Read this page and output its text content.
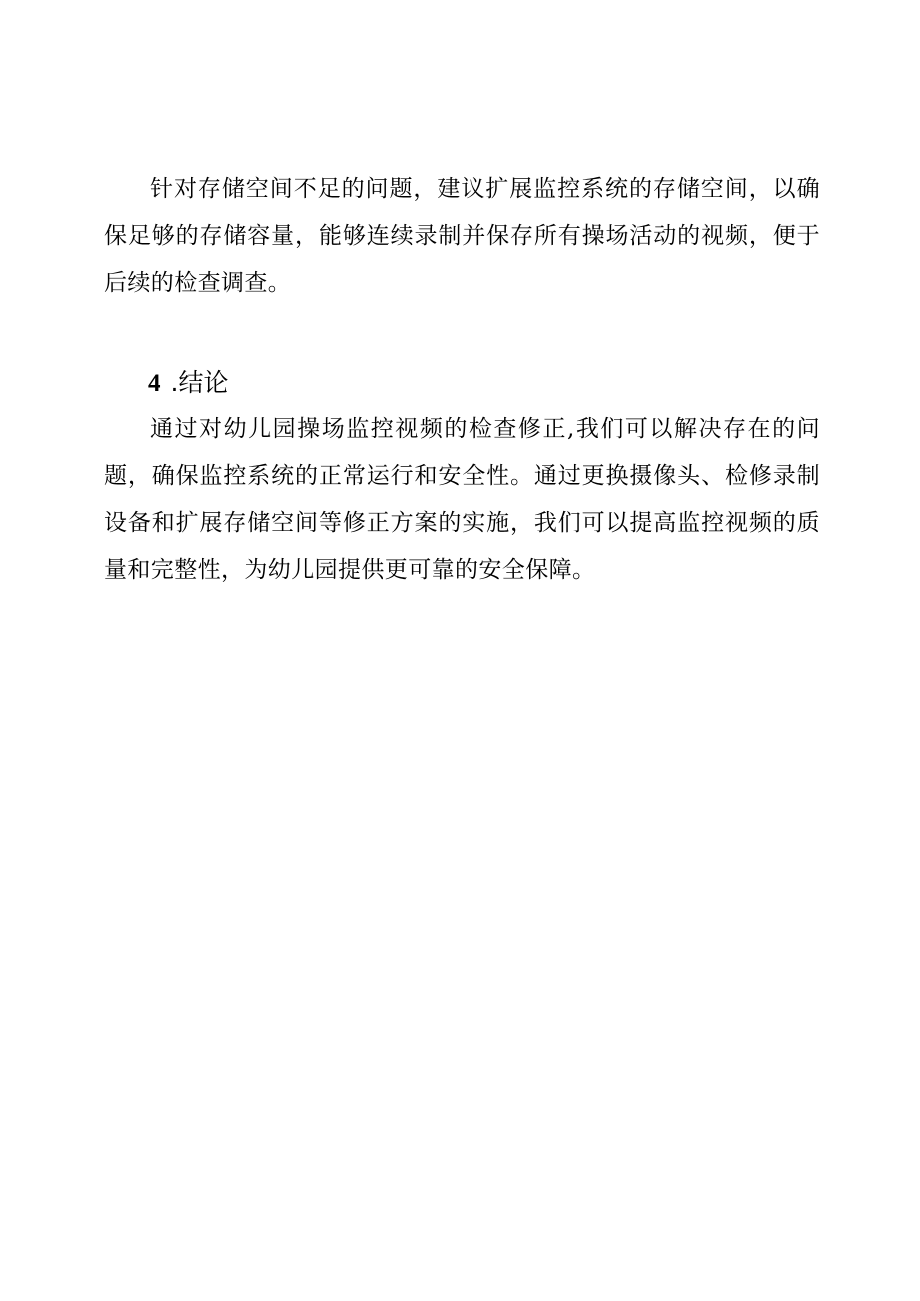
针对存储空间不足的问题，建议扩展监控系统的存储空间，以确保足够的存储容量，能够连续录制并保存所有操场活动的视频，便于后续的检查调查。

4 .结论

通过对幼儿园操场监控视频的检查修正,我们可以解决存在的问题，确保监控系统的正常运行和安全性。通过更换摄像头、检修录制设备和扩展存储空间等修正方案的实施，我们可以提高监控视频的质量和完整性，为幼儿园提供更可靠的安全保障。
